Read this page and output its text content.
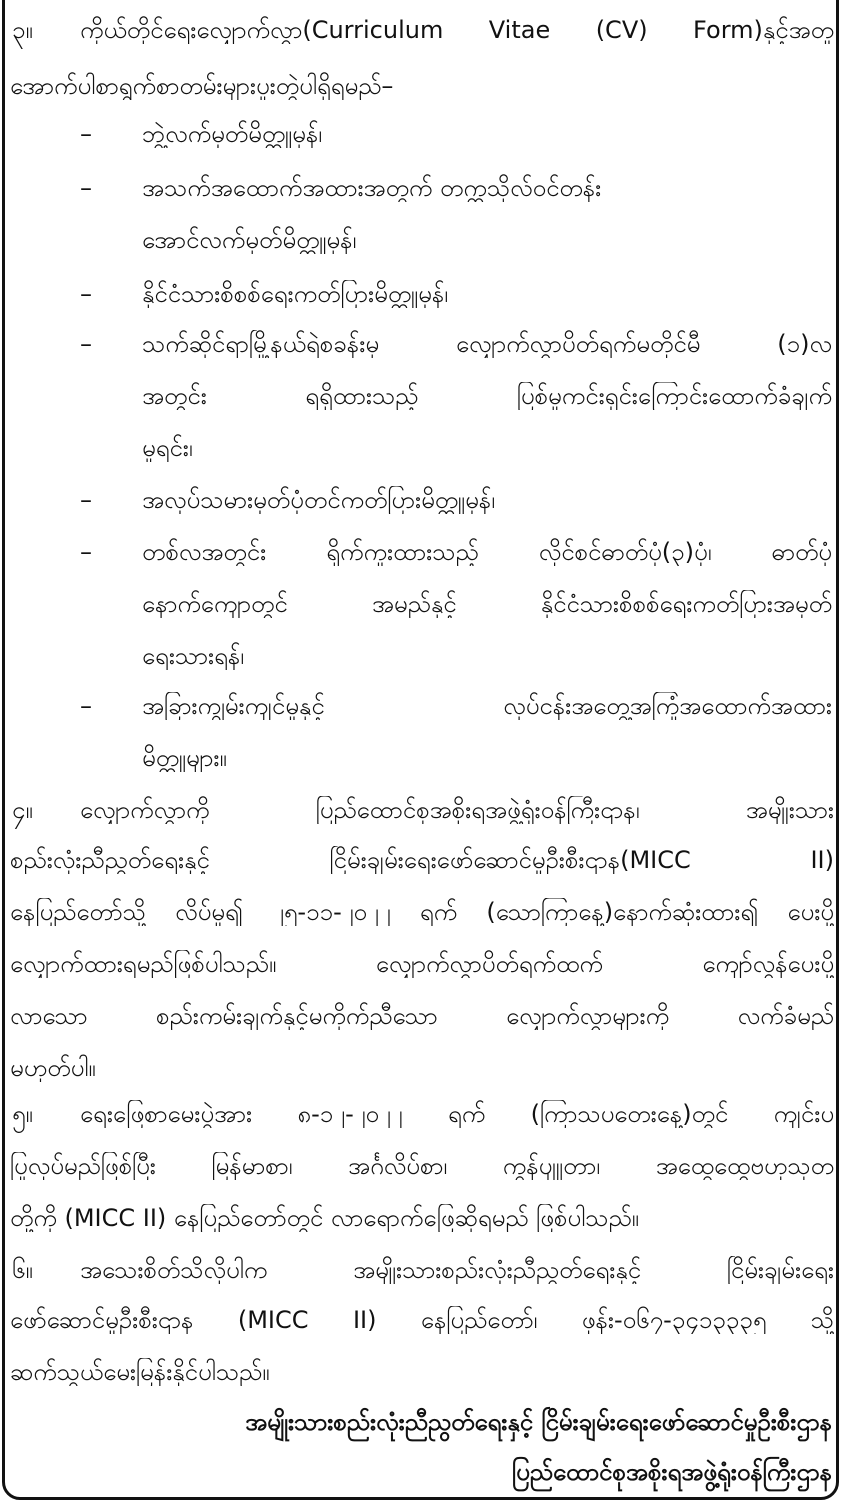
၃။ ကိုယ်တိုင်ရေးလျှောက်လွှာ(Curriculum Vitae (CV) Form)နှင့်အတူ
အောက်ပါစာရွက်စာတမ်းများပူးတွဲပါရှိရမည်–
– ဘွဲ့လက်မှတ်မိတ္တူမှန်၊
– အသက်အထောက်အထားအတွက် တက္ကသိုလ်ဝင်တန်း
အောင်လက်မှတ်မိတ္တူမှန်၊
– နိုင်ငံသားစိစစ်ရေးကတ်ပြားမိတ္တူမှန်၊
– သက်ဆိုင်ရာမြို့နယ်ရဲစခန်းမှ လျှောက်လွှာပိတ်ရက်မတိုင်မီ (၁)လ
အတွင်း ရရှိထားသည့် ပြစ်မှုကင်းရှင်းကြောင်းထောက်ခံချက်
မူရင်း၊
– အလုပ်သမားမှတ်ပုံတင်ကတ်ပြားမိတ္တူမှန်၊
– တစ်လအတွင်း ရိုက်ကူးထားသည့် လိုင်စင်ဓာတ်ပုံ(၃)ပုံ၊ ဓာတ်ပုံ
နောက်ကျောတွင် အမည်နှင့် နိုင်ငံသားစိစစ်ရေးကတ်ပြားအမှတ်
ရေးသားရန်၊
– အခြားကျွမ်းကျင်မှုနှင့် လုပ်ငန်းအတွေ့အကြုံအထောက်အထား
မိတ္တူများ။
၄။ လျှောက်လွှာကို ပြည်ထောင်စုအစိုးရအဖွဲ့ရုံးဝန်ကြီးဌာန၊ အမျိုးသား
စည်းလုံးညီညွတ်ရေးနှင့် ငြိမ်းချမ်းရေးဖော်ဆောင်မှုဦးစီးဌာန(MICC II)
နေပြည်တော်သို့ လိပ်မူ၍ ၂၅-၁၁-၂၀၂၂ ရက် (သောကြာနေ့)နောက်ဆုံးထား၍ ပေးပို့
လျှောက်ထားရမည်ဖြစ်ပါသည်။ လျှောက်လွှာပိတ်ရက်ထက် ကျော်လွန်ပေးပို့
လာသော စည်းကမ်းချက်နှင့်မကိုက်ညီသော လျှောက်လွှာများကို လက်ခံမည်
မဟုတ်ပါ။
၅။ ရေးဖြေစာမေးပွဲအား ၈-၁၂-၂၀၂၂ ရက် (ကြာသပတေးနေ့)တွင် ကျင်းပ
ပြုလုပ်မည်ဖြစ်ပြီး မြန်မာစာ၊ အင်္ဂလိပ်စာ၊ ကွန်ပျူတာ၊ အထွေထွေဗဟုသုတ
တို့ကို (MICC II) နေပြည်တော်တွင် လာရောက်ဖြေဆိုရမည် ဖြစ်ပါသည်။
၆။ အသေးစိတ်သိလိုပါက အမျိုးသားစည်းလုံးညီညွတ်ရေးနှင့် ငြိမ်းချမ်းရေး
ဖော်ဆောင်မှုဦးစီးဌာန (MICC II) နေပြည်တော်၊ ဖုန်း-၀၆၇-၃၄၁၃၃၃၅ သို့
ဆက်သွယ်မေးမြန်းနိုင်ပါသည်။
အမျိုးသားစည်းလုံးညီညွတ်ရေးနှင့် ငြိမ်းချမ်းရေးဖော်ဆောင်မှုဦးစီးဌာန
ပြည်ထောင်စုအစိုးရအဖွဲ့ရုံးဝန်ကြီးဌာန
